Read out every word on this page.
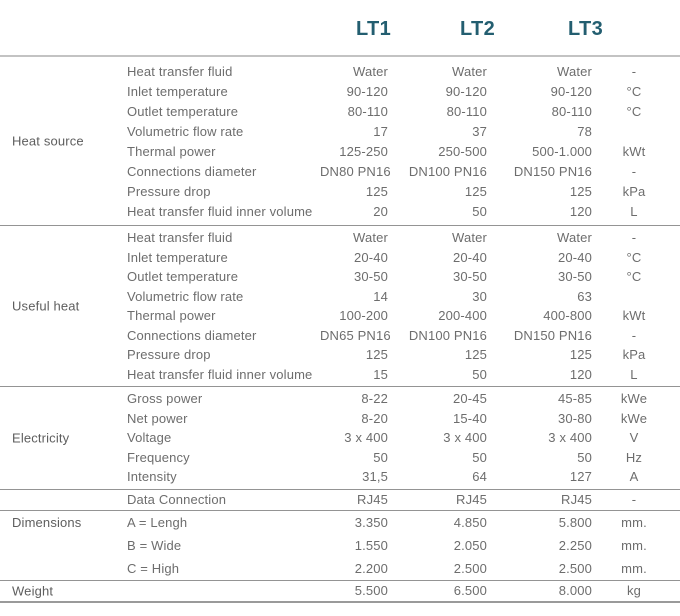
LT1	LT2	LT3
Heat source
Heat transfer fluid	Water	Water	Water	-
Inlet temperature	90-120	90-120	90-120	°C
Outlet temperature	80-110	80-110	80-110	°C
Volumetric flow rate	17	37	78
Thermal power	125-250	250-500	500-1.000	kWt
Connections diameter	DN80 PN16	DN100 PN16	DN150 PN16	-
Pressure drop	125	125	125	kPa
Heat transfer fluid inner volume	20	50	120	L
Useful heat
Heat transfer fluid	Water	Water	Water	-
Inlet temperature	20-40	20-40	20-40	°C
Outlet temperature	30-50	30-50	30-50	°C
Volumetric flow rate	14	30	63
Thermal power	100-200	200-400	400-800	kWt
Connections diameter	DN65 PN16	DN100 PN16	DN150 PN16	-
Pressure drop	125	125	125	kPa
Heat transfer fluid inner volume	15	50	120	L
Electricity
Gross power	8-22	20-45	45-85	kWe
Net power	8-20	15-40	30-80	kWe
Voltage	3 x 400	3 x 400	3 x 400	V
Frequency	50	50	50	Hz
Intensity	31,5	64	127	A
Data Connection	RJ45	RJ45	RJ45	-
Dimensions	A = Lengh	3.350	4.850	5.800	mm.
B = Wide	1.550	2.050	2.250	mm.
C = High	2.200	2.500	2.500	mm.
Weight	5.500	6.500	8.000	kg
